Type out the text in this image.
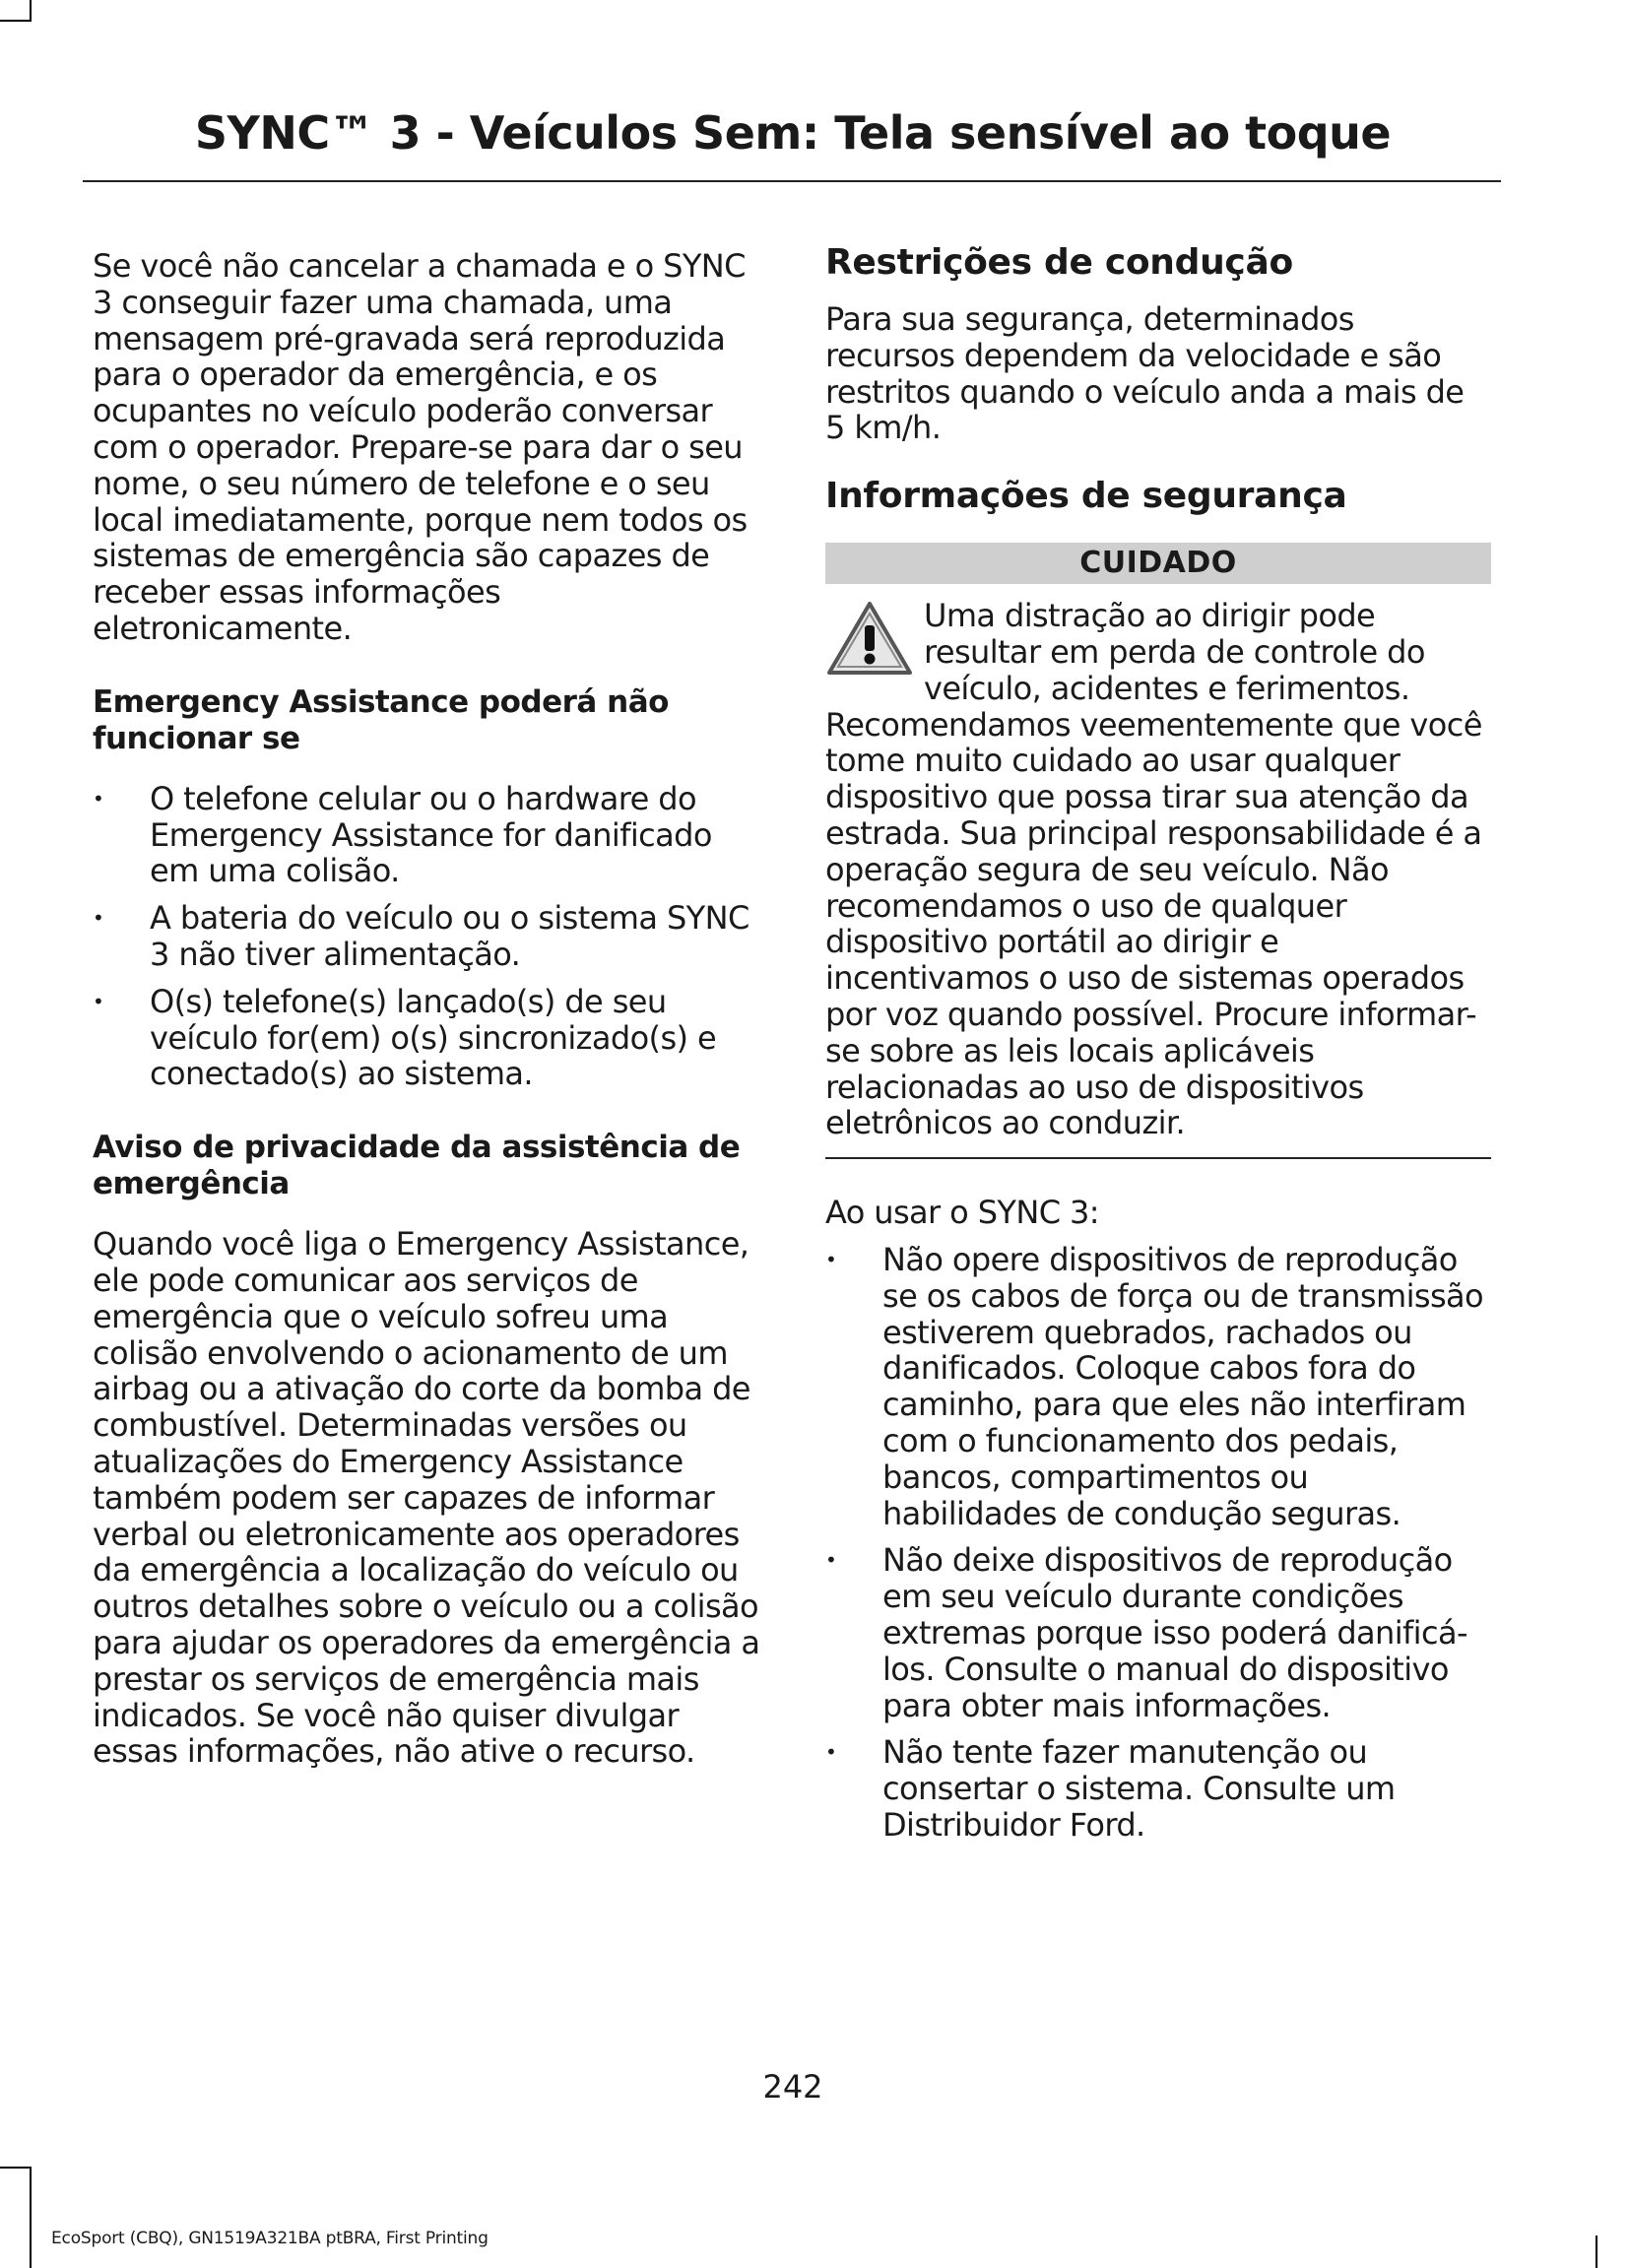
SYNC™ 3 - Veículos Sem: Tela sensível ao toque

Se você não cancelar a chamada e o SYNC 3 conseguir fazer uma chamada, uma mensagem pré-gravada será reproduzida para o operador da emergência, e os ocupantes no veículo poderão conversar com o operador. Prepare-se para dar o seu nome, o seu número de telefone e o seu local imediatamente, porque nem todos os sistemas de emergência são capazes de receber essas informações eletronicamente.

Emergency Assistance poderá não funcionar se
• O telefone celular ou o hardware do Emergency Assistance for danificado em uma colisão.
• A bateria do veículo ou o sistema SYNC 3 não tiver alimentação.
• O(s) telefone(s) lançado(s) de seu veículo for(em) o(s) sincronizado(s) e conectado(s) ao sistema.
Aviso de privacidade da assistência de emergência

Quando você liga o Emergency Assistance, ele pode comunicar aos serviços de emergência que o veículo sofreu uma colisão envolvendo o acionamento de um airbag ou a ativação do corte da bomba de combustível. Determinadas versões ou atualizações do Emergency Assistance também podem ser capazes de informar verbal ou eletronicamente aos operadores da emergência a localização do veículo ou outros detalhes sobre o veículo ou a colisão para ajudar os operadores da emergência a prestar os serviços de emergência mais indicados. Se você não quiser divulgar essas informações, não ative o recurso.

Restrições de condução

Para sua segurança, determinados recursos dependem da velocidade e são restritos quando o veículo anda a mais de 5 km/h.

Informações de segurança
CUIDADO

Uma distração ao dirigir pode resultar em perda de controle do veículo, acidentes e ferimentos. Recomendamos veementemente que você tome muito cuidado ao usar qualquer dispositivo que possa tirar sua atenção da estrada. Sua principal responsabilidade é a operação segura de seu veículo. Não recomendamos o uso de qualquer dispositivo portátil ao dirigir e incentivamos o uso de sistemas operados por voz quando possível. Procure informar-se sobre as leis locais aplicáveis relacionadas ao uso de dispositivos eletrônicos ao conduzir.

Ao usar o SYNC 3:

• Não opere dispositivos de reprodução se os cabos de força ou de transmissão estiverem quebrados, rachados ou danificados. Coloque cabos fora do caminho, para que eles não interfiram com o funcionamento dos pedais, bancos, compartimentos ou habilidades de condução seguras.
• Não deixe dispositivos de reprodução em seu veículo durante condições extremas porque isso poderá danificá-los. Consulte o manual do dispositivo para obter mais informações.
• Não tente fazer manutenção ou consertar o sistema. Consulte um Distribuidor Ford.
242
EcoSport (CBQ), GN1519A321BA ptBRA, First Printing
